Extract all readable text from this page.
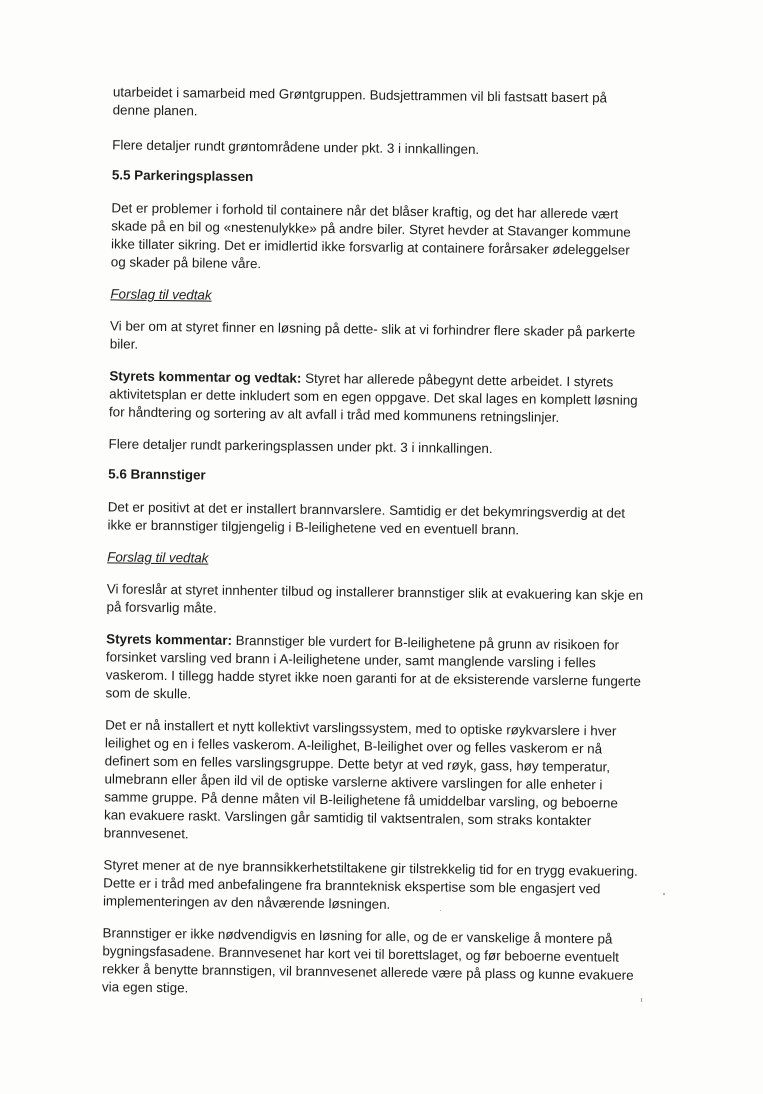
utarbeidet i samarbeid med Grøntgruppen. Budsjettrammen vil bli fastsatt basert på denne planen.

Flere detaljer rundt grøntområdene under pkt. 3 i innkallingen.

5.5 Parkeringsplassen

Det er problemer i forhold til containere når det blåser kraftig, og det har allerede vært skade på en bil og «nestenulykke» på andre biler. Styret hevder at Stavanger kommune ikke tillater sikring. Det er imidlertid ikke forsvarlig at containere forårsaker ødeleggelser og skader på bilene våre.

Forslag til vedtak

Vi ber om at styret finner en løsning på dette- slik at vi forhindrer flere skader på parkerte biler.

Styrets kommentar og vedtak: Styret har allerede påbegynt dette arbeidet. I styrets aktivitetsplan er dette inkludert som en egen oppgave. Det skal lages en komplett løsning for håndtering og sortering av alt avfall i tråd med kommunens retningslinjer.

Flere detaljer rundt parkeringsplassen under pkt. 3 i innkallingen.

5.6 Brannstiger

Det er positivt at det er installert brannvarslere. Samtidig er det bekymringsverdig at det ikke er brannstiger tilgjengelig i B-leilighetene ved en eventuell brann.

Forslag til vedtak

Vi foreslår at styret innhenter tilbud og installerer brannstiger slik at evakuering kan skje en på forsvarlig måte.

Styrets kommentar: Brannstiger ble vurdert for B-leilighetene på grunn av risikoen for forsinket varsling ved brann i A-leilighetene under, samt manglende varsling i felles vaskerom. I tillegg hadde styret ikke noen garanti for at de eksisterende varslerne fungerte som de skulle.

Det er nå installert et nytt kollektivt varslingssystem, med to optiske røykvarslere i hver leilighet og en i felles vaskerom. A-leilighet, B-leilighet over og felles vaskerom er nå definert som en felles varslingsgruppe. Dette betyr at ved røyk, gass, høy temperatur, ulmebrann eller åpen ild vil de optiske varslerne aktivere varslingen for alle enheter i samme gruppe. På denne måten vil B-leilighetene få umiddelbar varsling, og beboerne kan evakuere raskt. Varslingen går samtidig til vaktsentralen, som straks kontakter brannvesenet.

Styret mener at de nye brannsikkerhetstiltakene gir tilstrekkelig tid for en trygg evakuering. Dette er i tråd med anbefalingene fra brannteknisk ekspertise som ble engasjert ved implementeringen av den nåværende løsningen.

Brannstiger er ikke nødvendigvis en løsning for alle, og de er vanskelige å montere på bygningsfasadene. Brannvesenet har kort vei til borettslaget, og før beboerne eventuelt rekker å benytte brannstigen, vil brannvesenet allerede være på plass og kunne evakuere via egen stige.
